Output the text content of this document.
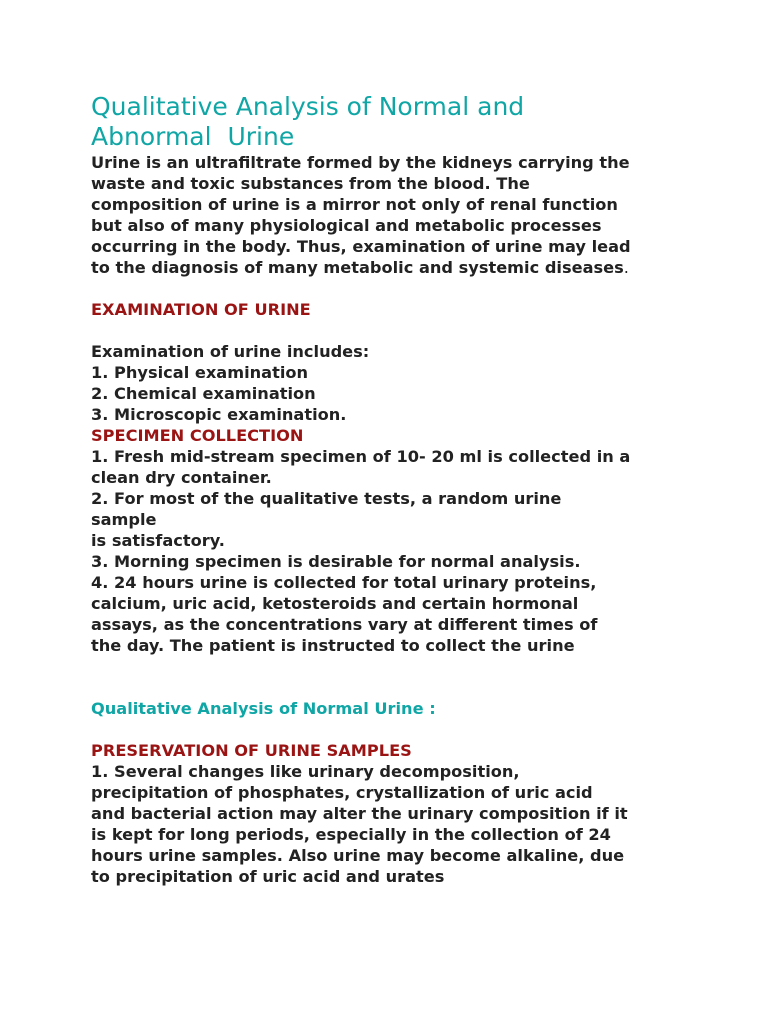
Qualitative Analysis of Normal and
Abnormal  Urine
Urine is an ultrafiltrate formed by the kidneys carrying the
waste and toxic substances from the blood. The
composition of urine is a mirror not only of renal function
but also of many physiological and metabolic processes
occurring in the body. Thus, examination of urine may lead
to the diagnosis of many metabolic and systemic diseases.
EXAMINATION OF URINE
Examination of urine includes:
1. Physical examination
2. Chemical examination
3. Microscopic examination.
SPECIMEN COLLECTION
1. Fresh mid-stream specimen of 10- 20 ml is collected in a
clean dry container.
2. For most of the qualitative tests, a random urine
sample
is satisfactory.
3. Morning specimen is desirable for normal analysis.
4. 24 hours urine is collected for total urinary proteins,
calcium, uric acid, ketosteroids and certain hormonal
assays, as the concentrations vary at different times of
the day. The patient is instructed to collect the urine
Qualitative Analysis of Normal Urine :
PRESERVATION OF URINE SAMPLES
1. Several changes like urinary decomposition,
precipitation of phosphates, crystallization of uric acid
and bacterial action may alter the urinary composition if it
is kept for long periods, especially in the collection of 24
hours urine samples. Also urine may become alkaline, due
to precipitation of uric acid and urates
